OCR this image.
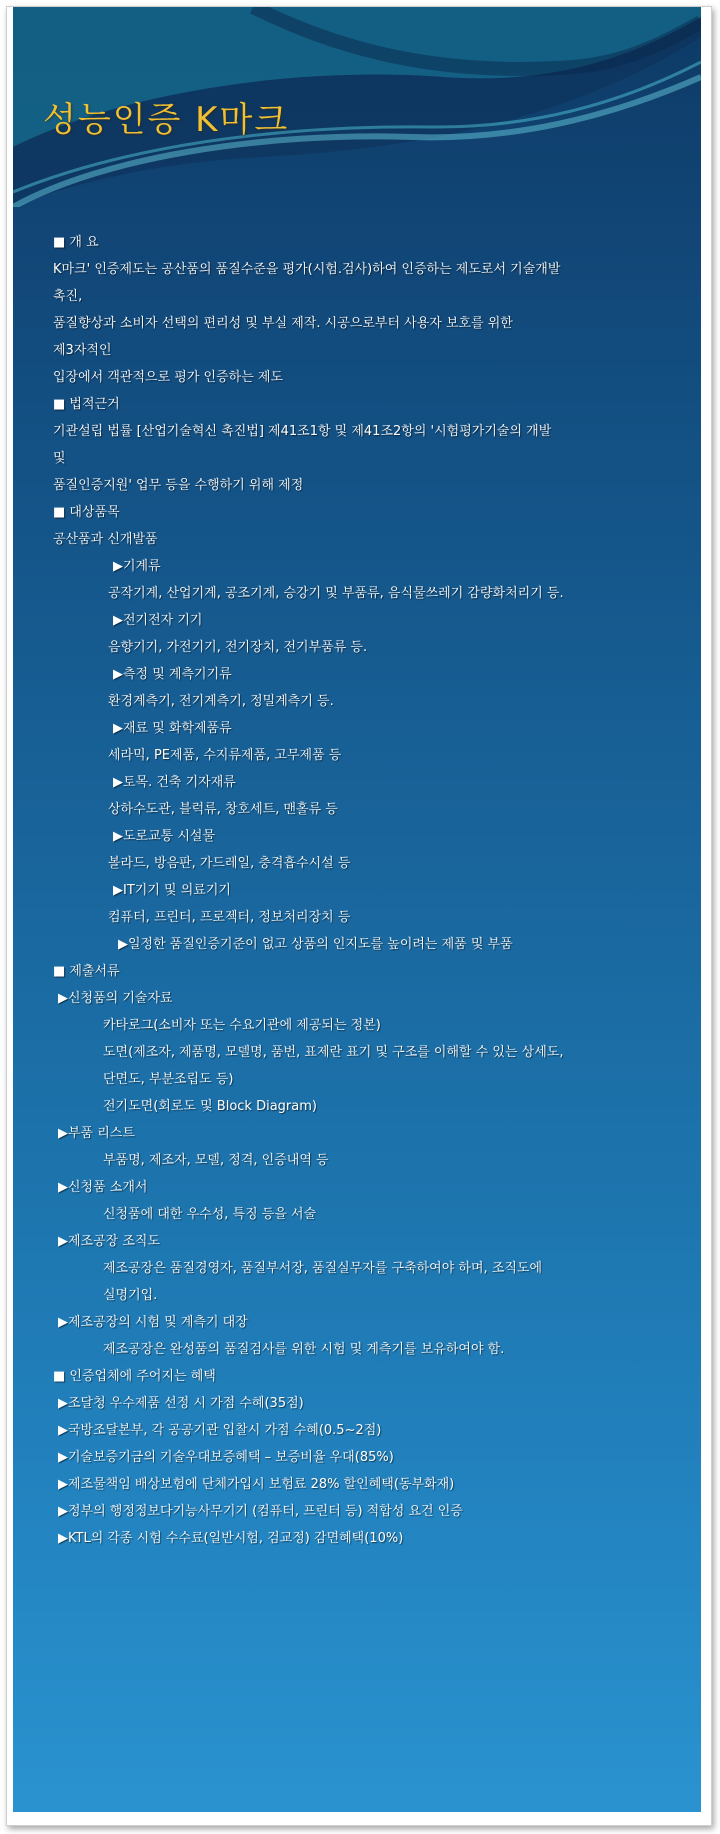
성능인증 K마크
■ 개 요
K마크' 인증제도는 공산품의 품질수준을 평가(시험.검사)하여 인증하는 제도로서 기술개발
촉진,
품질향상과 소비자 선택의 편리성 및 부실 제작. 시공으로부터 사용자 보호를 위한
제3자적인
입장에서 객관적으로 평가 인증하는 제도
■ 법적근거
기관설립 법률 [산업기술혁신 촉진법] 제41조1항 및 제41조2항의 '시험평가기술의 개발
및
품질인증지원' 업무 등을 수행하기 위해 제정
■ 대상품목
공산품과 신개발품
▶기계류
공작기계, 산업기계, 공조기계, 승강기 및 부품류, 음식물쓰레기 감량화처리기 등.
▶전기전자 기기
음향기기, 가전기기, 전기장치, 전기부품류 등.
▶측정 및 계측기기류
환경계측기, 전기계측기, 정밀계측기 등.
▶재료 및 화학제품류
세라믹, PE제품, 수지류제품, 고무제품 등
▶토목. 건축 기자재류
상하수도관, 블럭류, 창호세트, 맨홀류 등
▶도로교통 시설물
볼라드, 방음판, 가드레일, 충격흡수시설 등
▶IT기기 및 의료기기
컴퓨터, 프린터, 프로젝터, 정보처리장치 등
▶일정한 품질인증기준이 없고 상품의 인지도를 높이려는 제품 및 부품
■ 제출서류
▶신청품의 기술자료
카타로그(소비자 또는 수요기관에 제공되는 정본)
도면(제조자, 제품명, 모델명, 품번, 표제란 표기 및 구조를 이해할 수 있는 상세도,
단면도, 부분조립도 등)
전기도면(회로도 및 Block Diagram)
▶부품 리스트
부품명, 제조자, 모델, 정격, 인증내역 등
▶신청품 소개서
신청품에 대한 우수성, 특징 등을 서술
▶제조공장 조직도
제조공장은 품질경영자, 품질부서장, 품질실무자를 구축하여야 하며, 조직도에
실명기입.
▶제조공장의 시험 및 계측기 대장
제조공장은 완성품의 품질검사를 위한 시험 및 계측기를 보유하여야 함.
■ 인증업체에 주어지는 혜택
▶조달청 우수제품 선정 시 가점 수혜(35점)
▶국방조달본부, 각 공공기관 입찰시 가점 수혜(0.5~2점)
▶기술보증기금의 기술우대보증혜택 – 보증비율 우대(85%)
▶제조물책임 배상보험에 단체가입시 보험료 28% 할인혜택(동부화재)
▶정부의 행정정보다기능사무기기 (컴퓨터, 프린터 등) 적합성 요건 인증
▶KTL의 각종 시험 수수료(일반시험, 검교정) 감면혜택(10%)
